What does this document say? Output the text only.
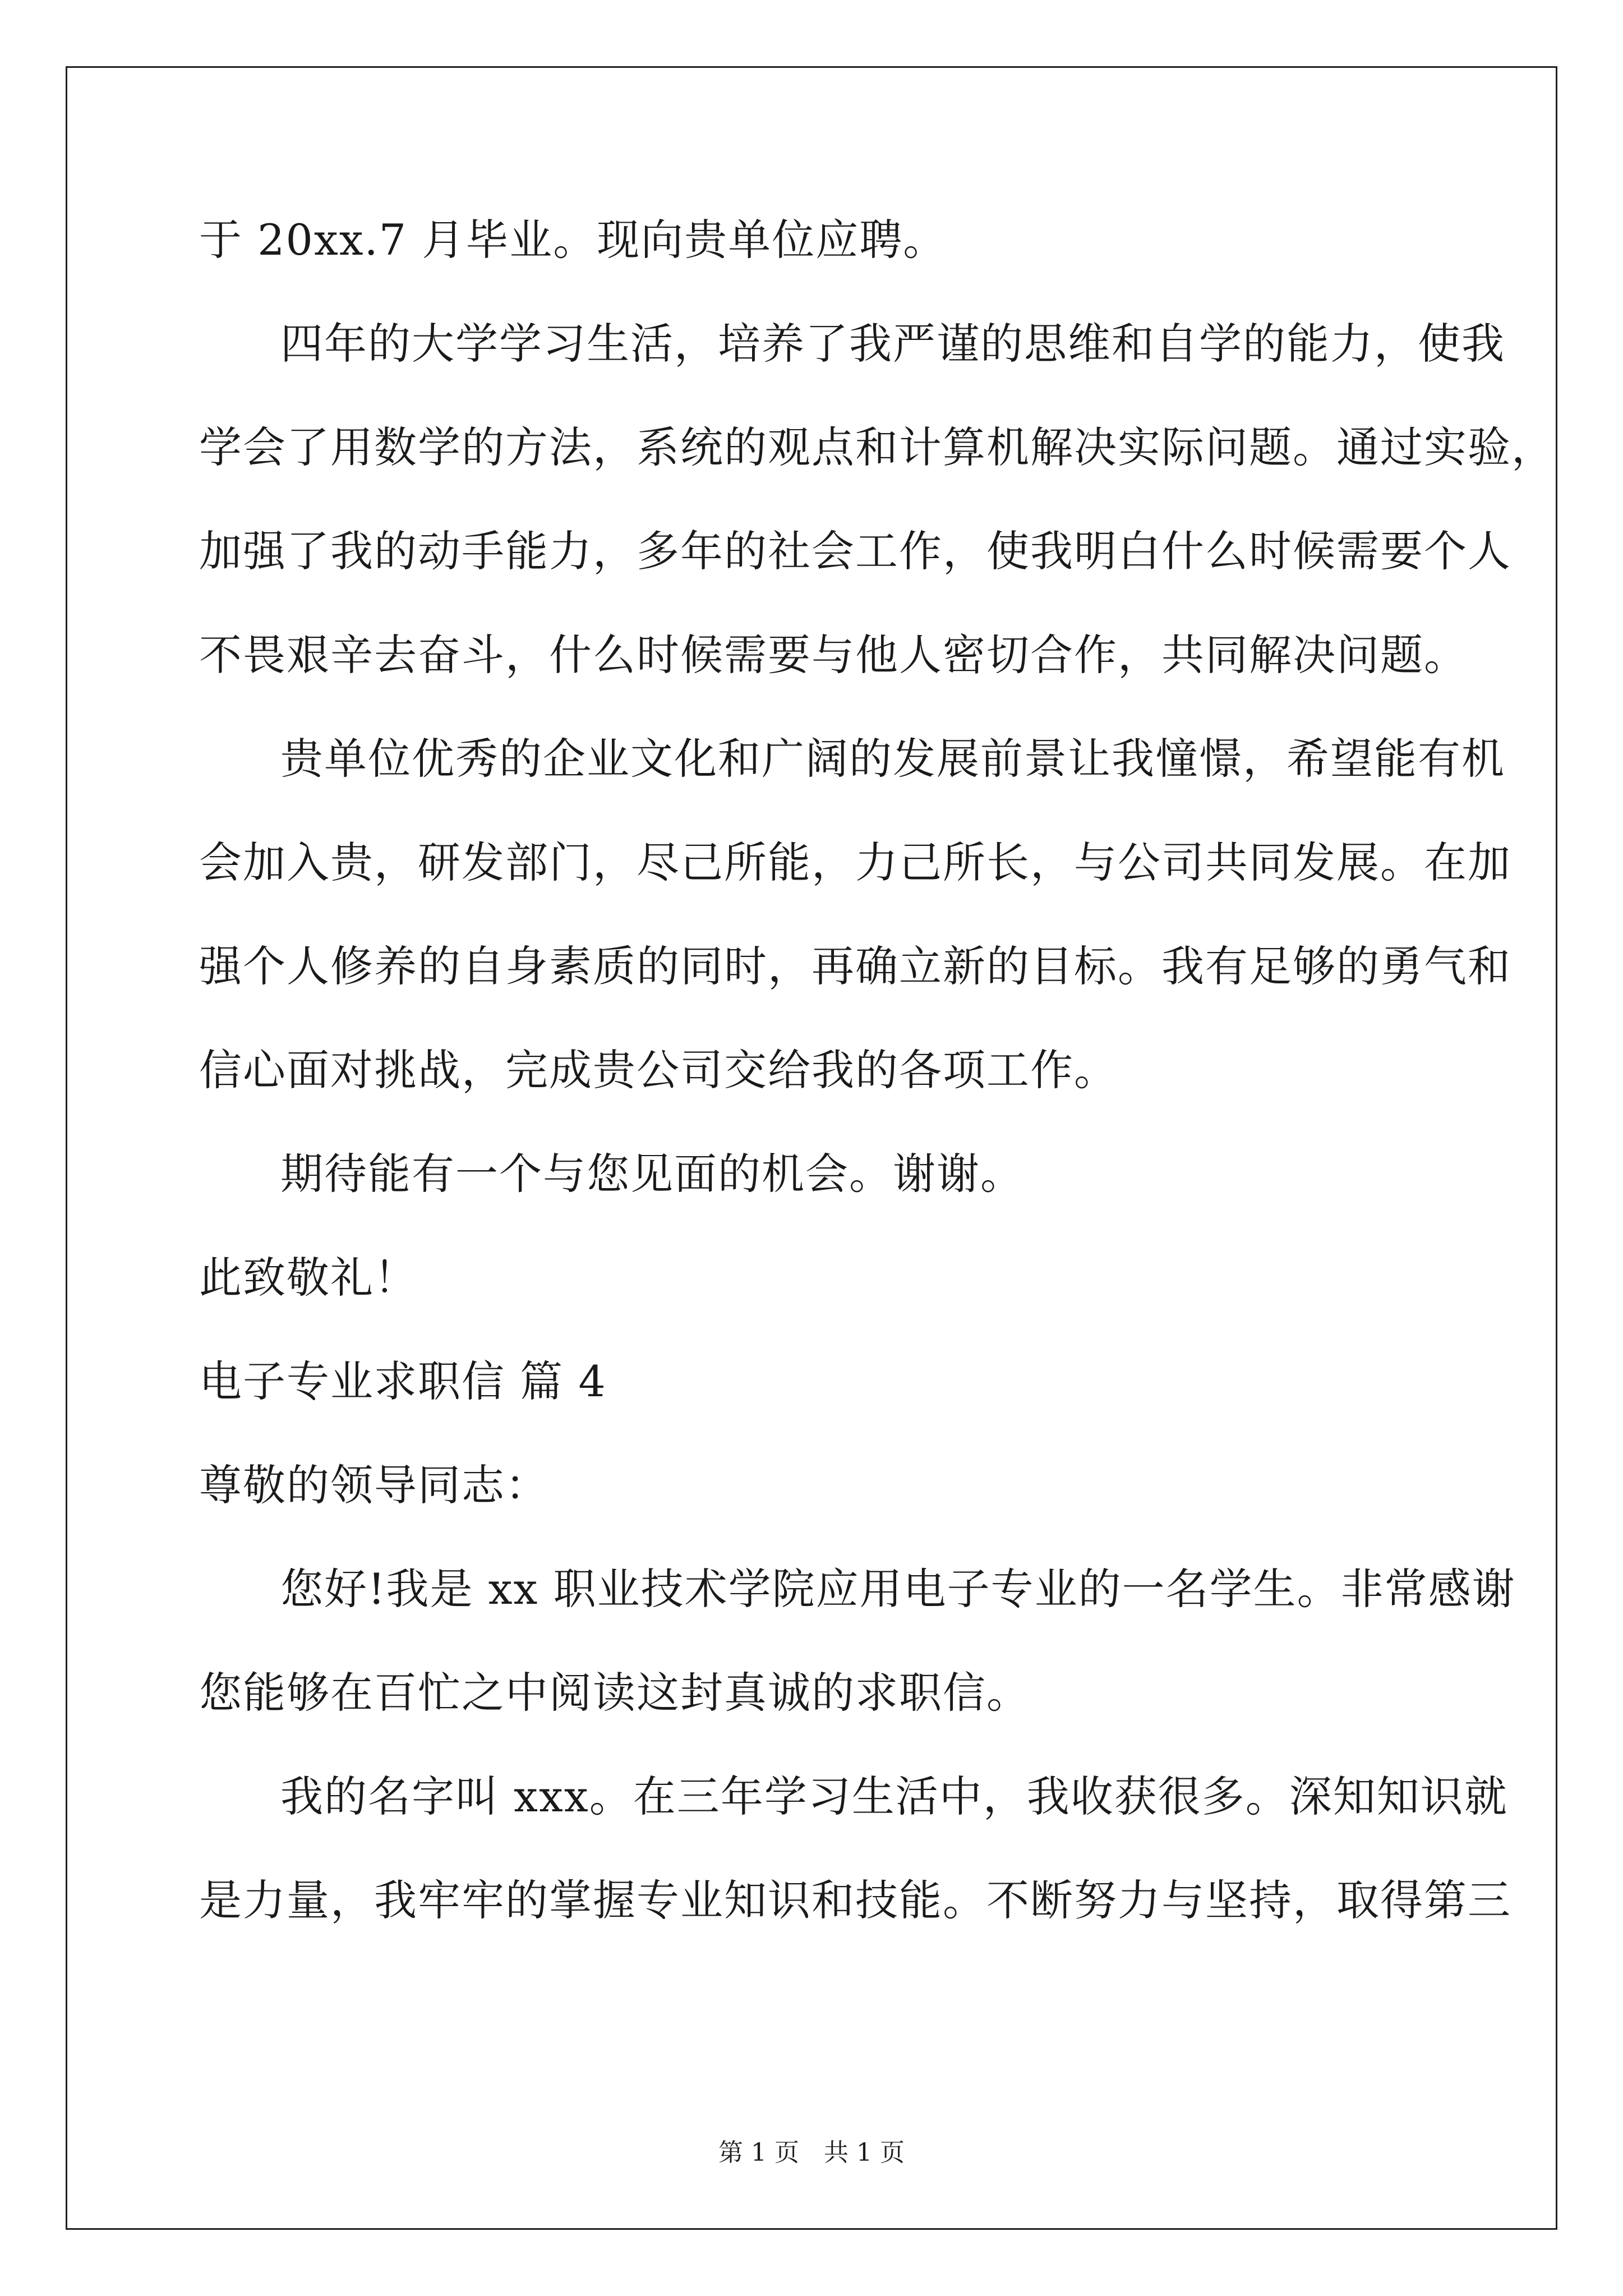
于 20xx.7 月毕业。现向贵单位应聘。
四年的大学学习生活，培养了我严谨的思维和自学的能力，使我
学会了用数学的方法，系统的观点和计算机解决实际问题。通过实验，
加强了我的动手能力，多年的社会工作，使我明白什么时候需要个人
不畏艰辛去奋斗，什么时候需要与他人密切合作，共同解决问题。
贵单位优秀的企业文化和广阔的发展前景让我憧憬，希望能有机
会加入贵，研发部门，尽己所能，力己所长，与公司共同发展。在加
强个人修养的自身素质的同时，再确立新的目标。我有足够的勇气和
信心面对挑战，完成贵公司交给我的各项工作。
期待能有一个与您见面的机会。谢谢。
此致敬礼！
电子专业求职信 篇 4
尊敬的领导同志：
您好!我是 xx 职业技术学院应用电子专业的一名学生。非常感谢
您能够在百忙之中阅读这封真诚的求职信。
我的名字叫 xxx。在三年学习生活中，我收获很多。深知知识就
是力量，我牢牢的掌握专业知识和技能。不断努力与坚持，取得第三
第 1 页　共 1 页
